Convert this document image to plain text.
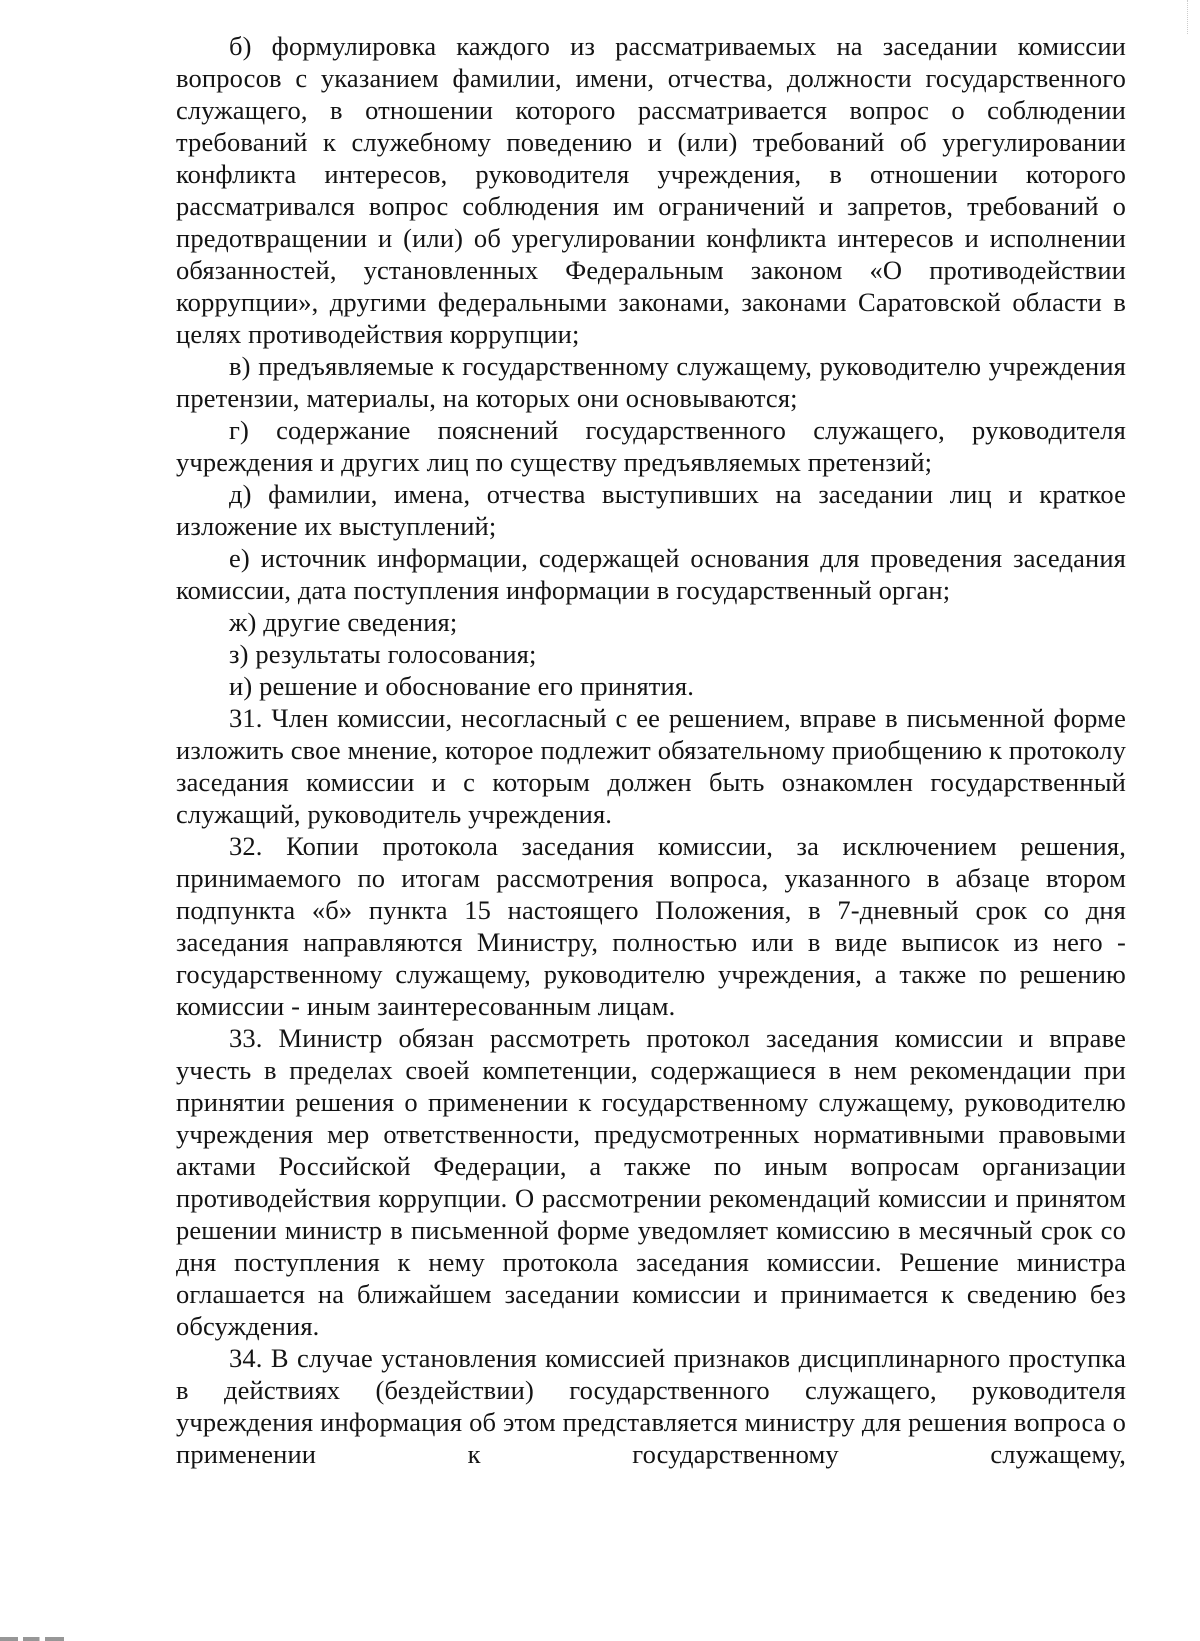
б) формулировка каждого из рассматриваемых на заседании комиссии вопросов с указанием фамилии, имени, отчества, должности государственного служащего, в отношении которого рассматривается вопрос о соблюдении требований к служебному поведению и (или) требований об урегулировании конфликта интересов, руководителя учреждения, в отношении которого рассматривался вопрос соблюдения им ограничений и запретов, требований о предотвращении и (или) об урегулировании конфликта интересов и исполнении обязанностей, установленных Федеральным законом «О противодействии коррупции», другими федеральными законами, законами Саратовской области в целях противодействия коррупции;

в) предъявляемые к государственному служащему, руководителю учреждения претензии, материалы, на которых они основываются;

г) содержание пояснений государственного служащего, руководителя учреждения и других лиц по существу предъявляемых претензий;

д) фамилии, имена, отчества выступивших на заседании лиц и краткое изложение их выступлений;

е) источник информации, содержащей основания для проведения заседания комиссии, дата поступления информации в государственный орган;

ж) другие сведения;

з) результаты голосования;

и) решение и обоснование его принятия.

31. Член комиссии, несогласный с ее решением, вправе в письменной форме изложить свое мнение, которое подлежит обязательному приобщению к протоколу заседания комиссии и с которым должен быть ознакомлен государственный служащий, руководитель учреждения.

32. Копии протокола заседания комиссии, за исключением решения, принимаемого по итогам рассмотрения вопроса, указанного в абзаце втором подпункта «б» пункта 15 настоящего Положения, в 7-дневный срок со дня заседания направляются Министру, полностью или в виде выписок из него - государственному служащему, руководителю учреждения, а также по решению комиссии - иным заинтересованным лицам.

33. Министр обязан рассмотреть протокол заседания комиссии и вправе учесть в пределах своей компетенции, содержащиеся в нем рекомендации при принятии решения о применении к государственному служащему, руководителю учреждения мер ответственности, предусмотренных нормативными правовыми актами Российской Федерации, а также по иным вопросам организации противодействия коррупции. О рассмотрении рекомендаций комиссии и принятом решении министр в письменной форме уведомляет комиссию в месячный срок со дня поступления к нему протокола заседания комиссии. Решение министра оглашается на ближайшем заседании комиссии и принимается к сведению без обсуждения.

34. В случае установления комиссией признаков дисциплинарного проступка в действиях (бездействии) государственного служащего, руководителя учреждения информация об этом представляется министру для решения вопроса о применении к государственному служащему,
